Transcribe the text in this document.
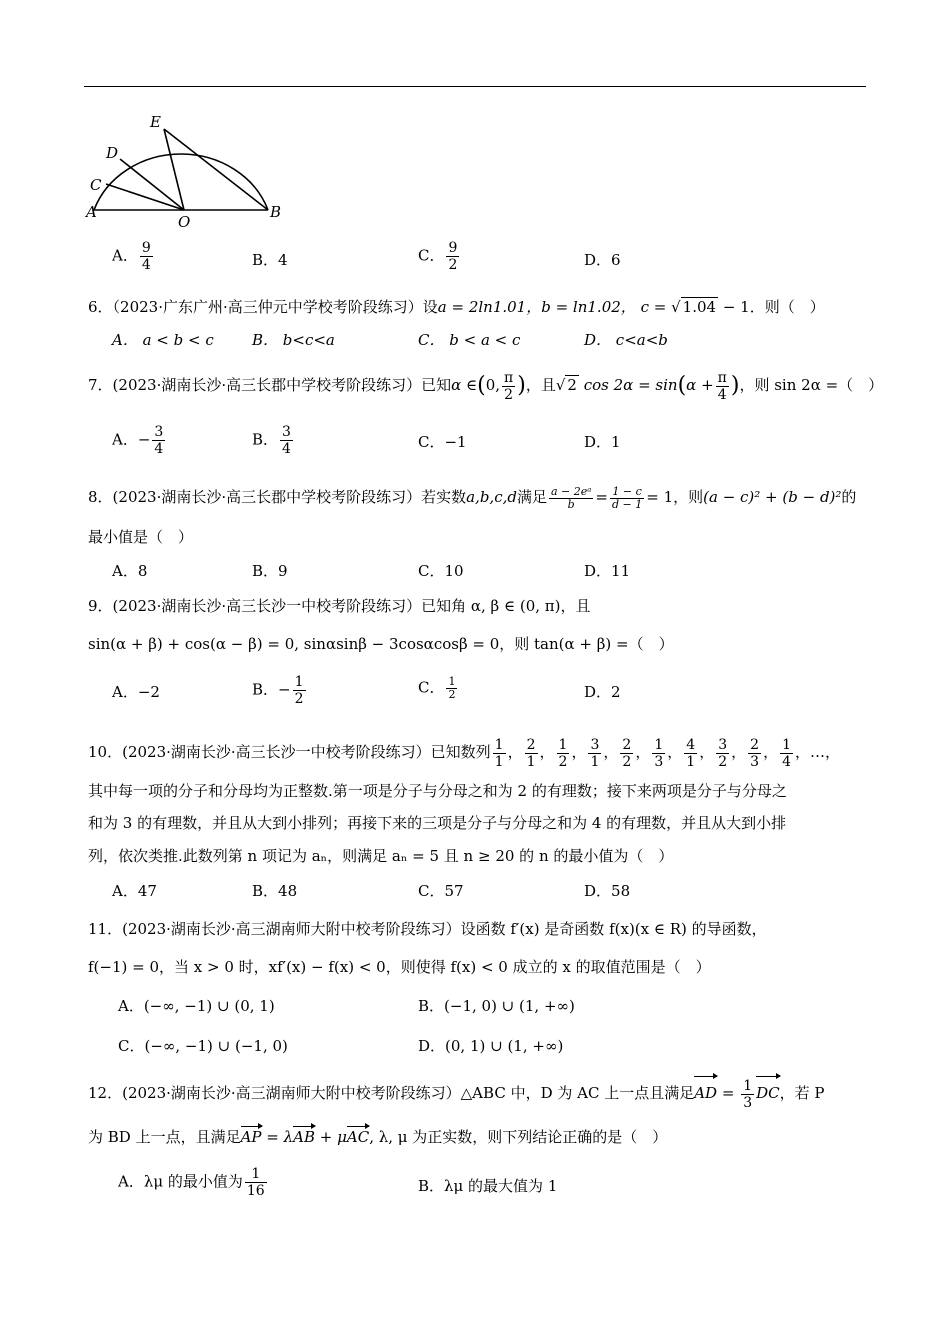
E
D
C
A
O
B
A． $\frac{9}{4}$	B．4	C． $\frac{9}{2}$	D．6
6．（2023·广东广州·高三仲元中学校考阶段练习）设a = 2ln1.01，b = ln1.02， c = √ 1.04 − 1．则（　）
A． a < b < c	B． b<c<a	C． b < a < c	D． c<a<b
7．(2023·湖南长沙·高三长郡中学校考阶段练习）已知α ∈(0, $\frac{\pi}{2}$ )，且√ 2 $\cos 2\alpha = \sin(\alpha + \frac{\pi}{4}$ )，则 sin 2α =（　）
A．− $\frac{3}{4}$	B． $\frac{3}{4}$	C．−1	D．1
8．(2023·湖南长沙·高三长郡中学校考阶段练习）若实数a,b,c,d满足 $\frac{\text{a − 2eᵃ}}{b} = \frac{1 - c}{d - 1} = 1$，则(a − c)² + (b − d)²的
最小值是（　）
A．8	B．9	C．10	D．11
9．(2023·湖南长沙·高三长沙一中校考阶段练习）已知角 α, β ∈ (0, π)，且
sin(α + β) + cos(α − β) = 0, sinαsinβ − 3cosαcosβ = 0，则 tan(α + β) =（　）
A．−2	B．− $\frac{1}{2}$	C． $\frac{1}{2}$	D．2
10．(2023·湖南长沙·高三长沙一中校考阶段练习）已知数列 $\frac{1}{1}$ ， $\frac{2}{1}$ ， $\frac{1}{2}$ ， $\frac{3}{1}$ ， $\frac{2}{2}$ ， $\frac{1}{3}$ ， $\frac{4}{1}$ ， $\frac{3}{2}$ ， $\frac{2}{3}$ ， $\frac{1}{4}$ ，…，
其中每一项的分子和分母均为正整数.第一项是分子与分母之和为 2 的有理数；接下来两项是分子与分母之
和为 3 的有理数，并且从大到小排列；再接下来的三项是分子与分母之和为 4 的有理数，并且从大到小排
列，依次类推.此数列第 n 项记为 aₙ，则满足 aₙ = 5 且 n ≥ 20 的 n 的最小值为（　）
A．47	B．48	C．57	D．58
11．(2023·湖南长沙·高三湖南师大附中校考阶段练习）设函数 f′(x) 是奇函数 f(x)(x ∈ R) 的导函数，
f(−1) = 0，当 x > 0 时，xf′(x) − f(x) < 0，则使得 f(x) < 0 成立的 x 的取值范围是（　）
A．(−∞, −1) ∪ (0, 1)	B．(−1, 0) ∪ (1, +∞)
C．(−∞, −1) ∪ (−1, 0)	D．(0, 1) ∪ (1, +∞)
12．(2023·湖南长沙·高三湖南师大附中校考阶段练习）△ABC 中，D 为 AC 上一点且满足AD = $\frac{1}{3}$ DC，若 P
为 BD 上一点，且满足AP = λAB + μAC, λ, μ 为正实数，则下列结论正确的是（　）
A．λμ 的最小值为 $\frac{1}{16}$	B．λμ 的最大值为 1
